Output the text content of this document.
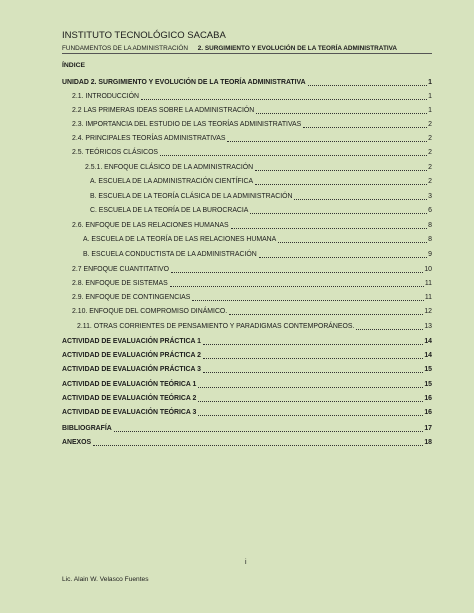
INSTITUTO TECNOLÓGICO SACABA
FUNDAMENTOS DE LA ADMINISTRACIÓN 2. SURGIMIENTO Y EVOLUCIÓN DE LA TEORÍA ADMINISTRATIVA
ÍNDICE
UNIDAD 2. SURGIMIENTO Y EVOLUCIÓN DE LA TEORÍA ADMINISTRATIVA	1
2.1. INTRODUCCIÓN	1
2.2 LAS PRIMERAS IDEAS SOBRE LA ADMINISTRACIÓN	1
2.3. IMPORTANCIA DEL ESTUDIO DE LAS TEORÍAS ADMINISTRATIVAS	2
2.4. PRINCIPALES TEORÍAS ADMINISTRATIVAS	2
2.5. TEÓRICOS CLÁSICOS	2
2.5.1. ENFOQUE CLÁSICO DE LA ADMINISTRACIÓN	2
A. ESCUELA DE LA ADMINISTRACIÓN CIENTÍFICA	2
B. ESCUELA DE LA TEORÍA CLÁSICA DE LA ADMINISTRACIÓN	3
C. ESCUELA DE LA TEORÍA DE LA BUROCRACIA	6
2.6. ENFOQUE DE LAS RELACIONES HUMANAS	8
A. ESCUELA DE LA TEORÍA DE LAS RELACIONES HUMANA	8
B. ESCUELA CONDUCTISTA DE LA ADMINISTRACIÓN	9
2.7 ENFOQUE CUANTITATIVO	10
2.8. ENFOQUE DE SISTEMAS	11
2.9. ENFOQUE DE CONTINGENCIAS	11
2.10. ENFOQUE DEL COMPROMISO DINÁMICO.	12
2.11. OTRAS CORRIENTES DE PENSAMIENTO Y PARADIGMAS CONTEMPORÁNEOS.	13
ACTIVIDAD DE EVALUACIÓN PRÁCTICA 1	14
ACTIVIDAD DE EVALUACIÓN PRÁCTICA 2	14
ACTIVIDAD DE EVALUACIÓN PRÁCTICA 3	15
ACTIVIDAD DE EVALUACIÓN TEÓRICA 1	15
ACTIVIDAD DE EVALUACIÓN TEÓRICA 2	16
ACTIVIDAD DE EVALUACIÓN TEÓRICA 3	16
BIBLIOGRAFÍA	17
ANEXOS	18
i
Lic. Alain W. Velasco Fuentes
